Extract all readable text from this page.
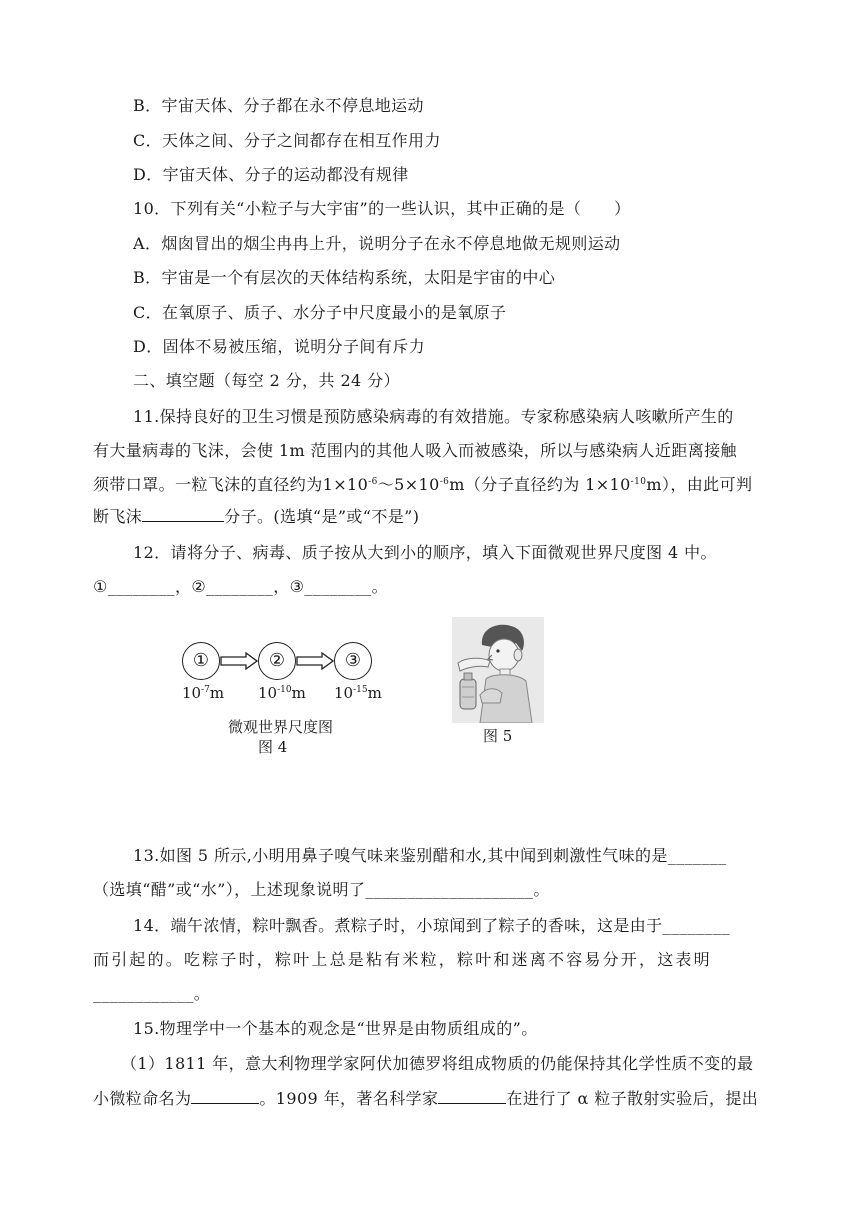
B．宇宙天体、分子都在永不停息地运动
C．天体之间、分子之间都存在相互作用力
D．宇宙天体、分子的运动都没有规律
10．下列有关“小粒子与大宇宙”的一些认识，其中正确的是（　　）
A．烟囱冒出的烟尘冉冉上升，说明分子在永不停息地做无规则运动
B．宇宙是一个有层次的天体结构系统，太阳是宇宙的中心
C．在氧原子、质子、水分子中尺度最小的是氧原子
D．固体不易被压缩，说明分子间有斥力
二、填空题（每空 2 分，共 24 分）
11.保持良好的卫生习惯是预防感染病毒的有效措施。专家称感染病人咳嗽所产生的
有大量病毒的飞沫，会使 1m 范围内的其他人吸入而被感染，所以与感染病人近距离接触
须带口罩。一粒飞沫的直径约为$1\times 10^{-6}\sim 5\times 10^{-6}m$（分子直径约为 $1\times 10^{-10}m$），由此可判
断飞沫	分子。(选填“是”或“不是”)
12．请将分子、病毒、质子按从大到小的顺序，填入下面微观世界尺度图 4 中。
①________，②________，③________。
①	②	③
$10^{-7}m$ $10^{-10}m$ $10^{-15}m$
微观世界尺度图
图 4
图 5
13.如图 5 所示,小明用鼻子嗅气味来鉴别醋和水,其中闻到刺激性气味的是_______
（选填“醋”或“水”），上述现象说明了____________________。
14．端午浓情，粽叶飘香。煮粽子时，小琼闻到了粽子的香味，这是由于________
而引起的。吃粽子时，粽叶上总是粘有米粒，粽叶和迷离不容易分开，这表明
____________。
15.物理学中一个基本的观念是“世界是由物质组成的”。
（1）1811 年，意大利物理学家阿伏加德罗将组成物质的仍能保持其化学性质不变的最
小微粒命名为	。1909 年，著名科学家	在进行了 α 粒子散射实验后，提出
